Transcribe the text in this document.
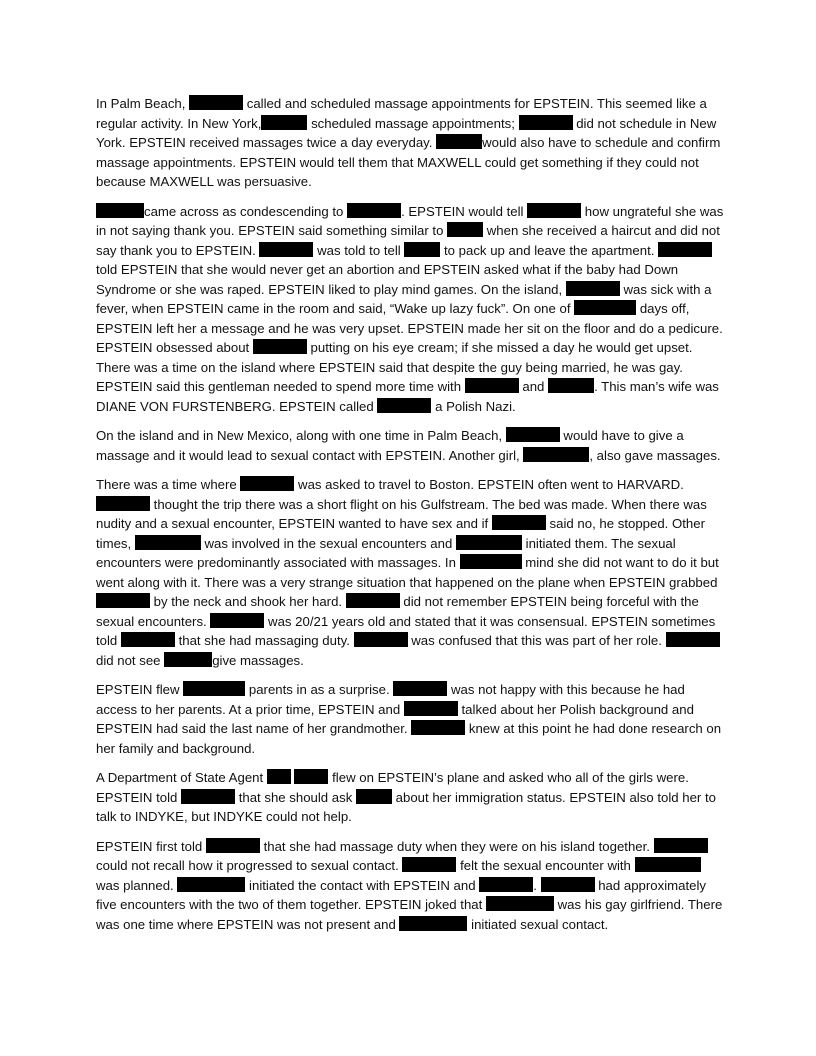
In Palm Beach,	called and scheduled massage appointments for EPSTEIN. This seemed like a regular activity. In New York,	scheduled massage appointments;	did not schedule in New York. EPSTEIN received massages twice a day everyday.	would also have to schedule and confirm massage appointments. EPSTEIN would tell them that MAXWELL could get something if they could not because MAXWELL was persuasive.

came across as condescending to	. EPSTEIN would tell	how ungrateful she was in not saying thank you. EPSTEIN said something similar to	when she received a haircut and did not say thank you to EPSTEIN.	was told to tell	to pack up and leave the apartment.  told EPSTEIN that she would never get an abortion and EPSTEIN asked what if the baby had Down Syndrome or she was raped. EPSTEIN liked to play mind games. On the island,	was sick with a fever, when EPSTEIN came in the room and said, “Wake up lazy fuck”. On one of	days off, EPSTEIN left her a message and he was very upset. EPSTEIN made her sit on the floor and do a pedicure. EPSTEIN obsessed about	putting on his eye cream; if she missed a day he would get upset. There was a time on the island where EPSTEIN said that despite the guy being married, he was gay. EPSTEIN said this gentleman needed to spend more time with	and	. This man’s wife was DIANE VON FURSTENBERG. EPSTEIN called	a Polish Nazi.

On the island and in New Mexico, along with one time in Palm Beach,	would have to give a massage and it would lead to sexual contact with EPSTEIN. Another girl,	, also gave massages.

There was a time where	was asked to travel to Boston. EPSTEIN often went to HARVARD.  thought the trip there was a short flight on his Gulfstream. The bed was made. When there was nudity and a sexual encounter, EPSTEIN wanted to have sex and if	said no, he stopped. Other times,	was involved in the sexual encounters and	initiated them. The sexual encounters were predominantly associated with massages. In	mind she did not want to do it but went along with it. There was a very strange situation that happened on the plane when EPSTEIN grabbed  by the neck and shook her hard.	did not remember EPSTEIN being forceful with the sexual encounters.	was 20/21 years old and stated that it was consensual. EPSTEIN sometimes told	that she had massaging duty.	was confused that this was part of her role.  did not see	give massages.

EPSTEIN flew	parents in as a surprise.	was not happy with this because he had access to her parents. At a prior time, EPSTEIN and	talked about her Polish background and EPSTEIN had said the last name of her grandmother.	knew at this point he had done research on her family and background.

A Department of State Agent	flew on EPSTEIN’s plane and asked who all of the girls were. EPSTEIN told	that she should ask	about her immigration status. EPSTEIN also told her to talk to INDYKE, but INDYKE could not help.

EPSTEIN first told	that she had massage duty when they were on his island together.  could not recall how it progressed to sexual contact.	felt the sexual encounter with  was planned.	initiated the contact with EPSTEIN and	.	had approximately five encounters with the two of them together. EPSTEIN joked that	was his gay girlfriend. There was one time where EPSTEIN was not present and	initiated sexual contact.
